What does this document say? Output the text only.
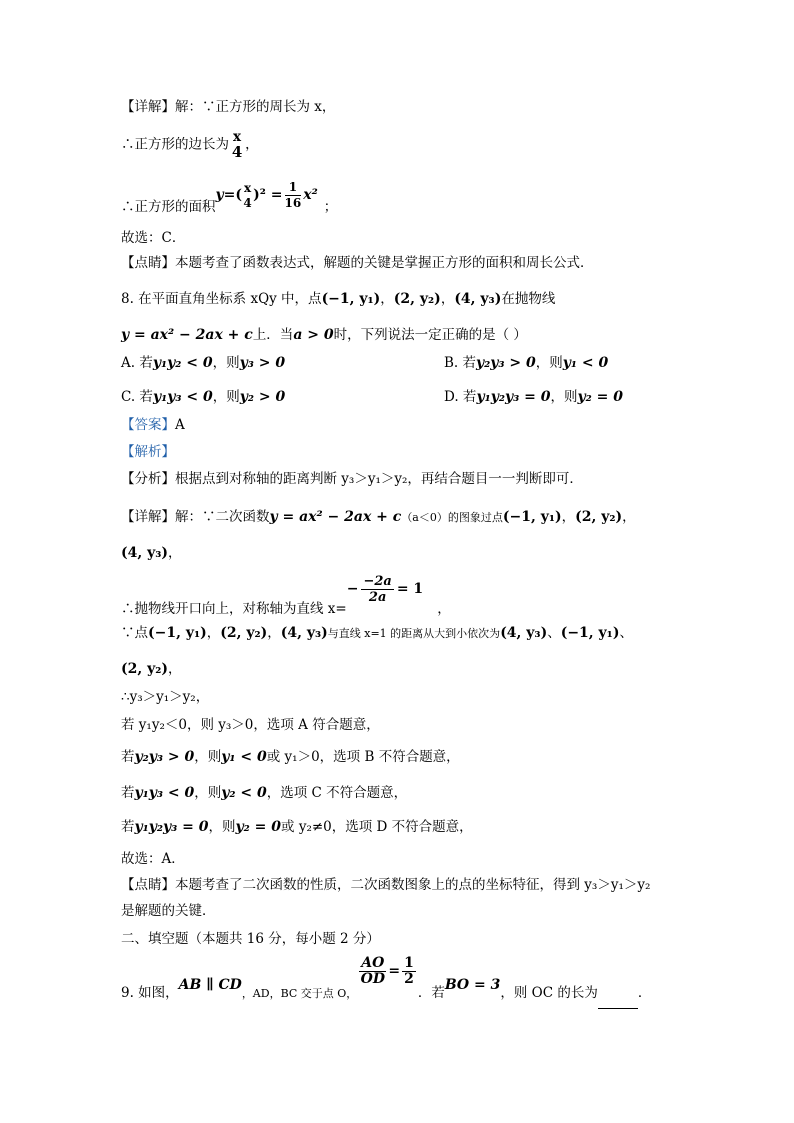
【详解】解：∵正方形的周长为 x，
∴正方形的边长为 x
4 ，
∴正方形的面积y=( x
4 )$^2 = \frac{1}{16} x^2$；
故选：C．
【点睛】本题考查了函数表达式，解题的关键是掌握正方形的面积和周长公式．
8. 在平面直角坐标系 xQy 中，点(−1, y₁)，(2, y₂)，(4, y₃)在抛物线
y = ax² − 2ax + c上．当a > 0时，下列说法一定正确的是（ ）
A. 若y₁y₂ < 0，则y₃ > 0	B. 若y₂y₃ > 0，则y₁ < 0
C. 若y₁y₃ < 0，则y₂ > 0	D. 若y₁y₂y₃ = 0，则y₂ = 0
【答案】A
【解析】
【分析】根据点到对称轴的距离判断 y₃＞y₁＞y₂，再结合题目一一判断即可．
【详解】解：∵二次函数y = ax² − 2ax + c（a＜0）的图象过点(−1, y₁)，(2, y₂)，
(4, y₃)，
∴抛物线开口向上，对称轴为直线 $x=- \frac{-2a}{2a} = 1$，
∵点(−1, y₁)，(2, y₂)，(4, y₃)与直线 x=1 的距离从大到小依次为(4, y₃)、(−1, y₁)、
(2, y₂)，
∴y₃＞y₁＞y₂，
若 y₁y₂＜0，则 y₃＞0，选项 A 符合题意，
若y₂y₃ > 0，则y₁ < 0或 y₁＞0，选项 B 不符合题意，
若y₁y₃ < 0，则y₂ < 0，选项 C 不符合题意，
若y₁y₂y₃ = 0，则y₂ = 0或 y₂≠0，选项 D 不符合题意，
故选：A．
【点睛】本题考查了二次函数的性质，二次函数图象上的点的坐标特征，得到 y₃＞y₁＞y₂
是解题的关键．
二、填空题（本题共 16 分，每小题 2 分）
9. 如图，AB ∥ $CD_{,AD,BC 交于点 O,}$
$\frac{AO}{OD} = \frac{1}{2}$
．若BO = 3，则 OC 的长为	．
